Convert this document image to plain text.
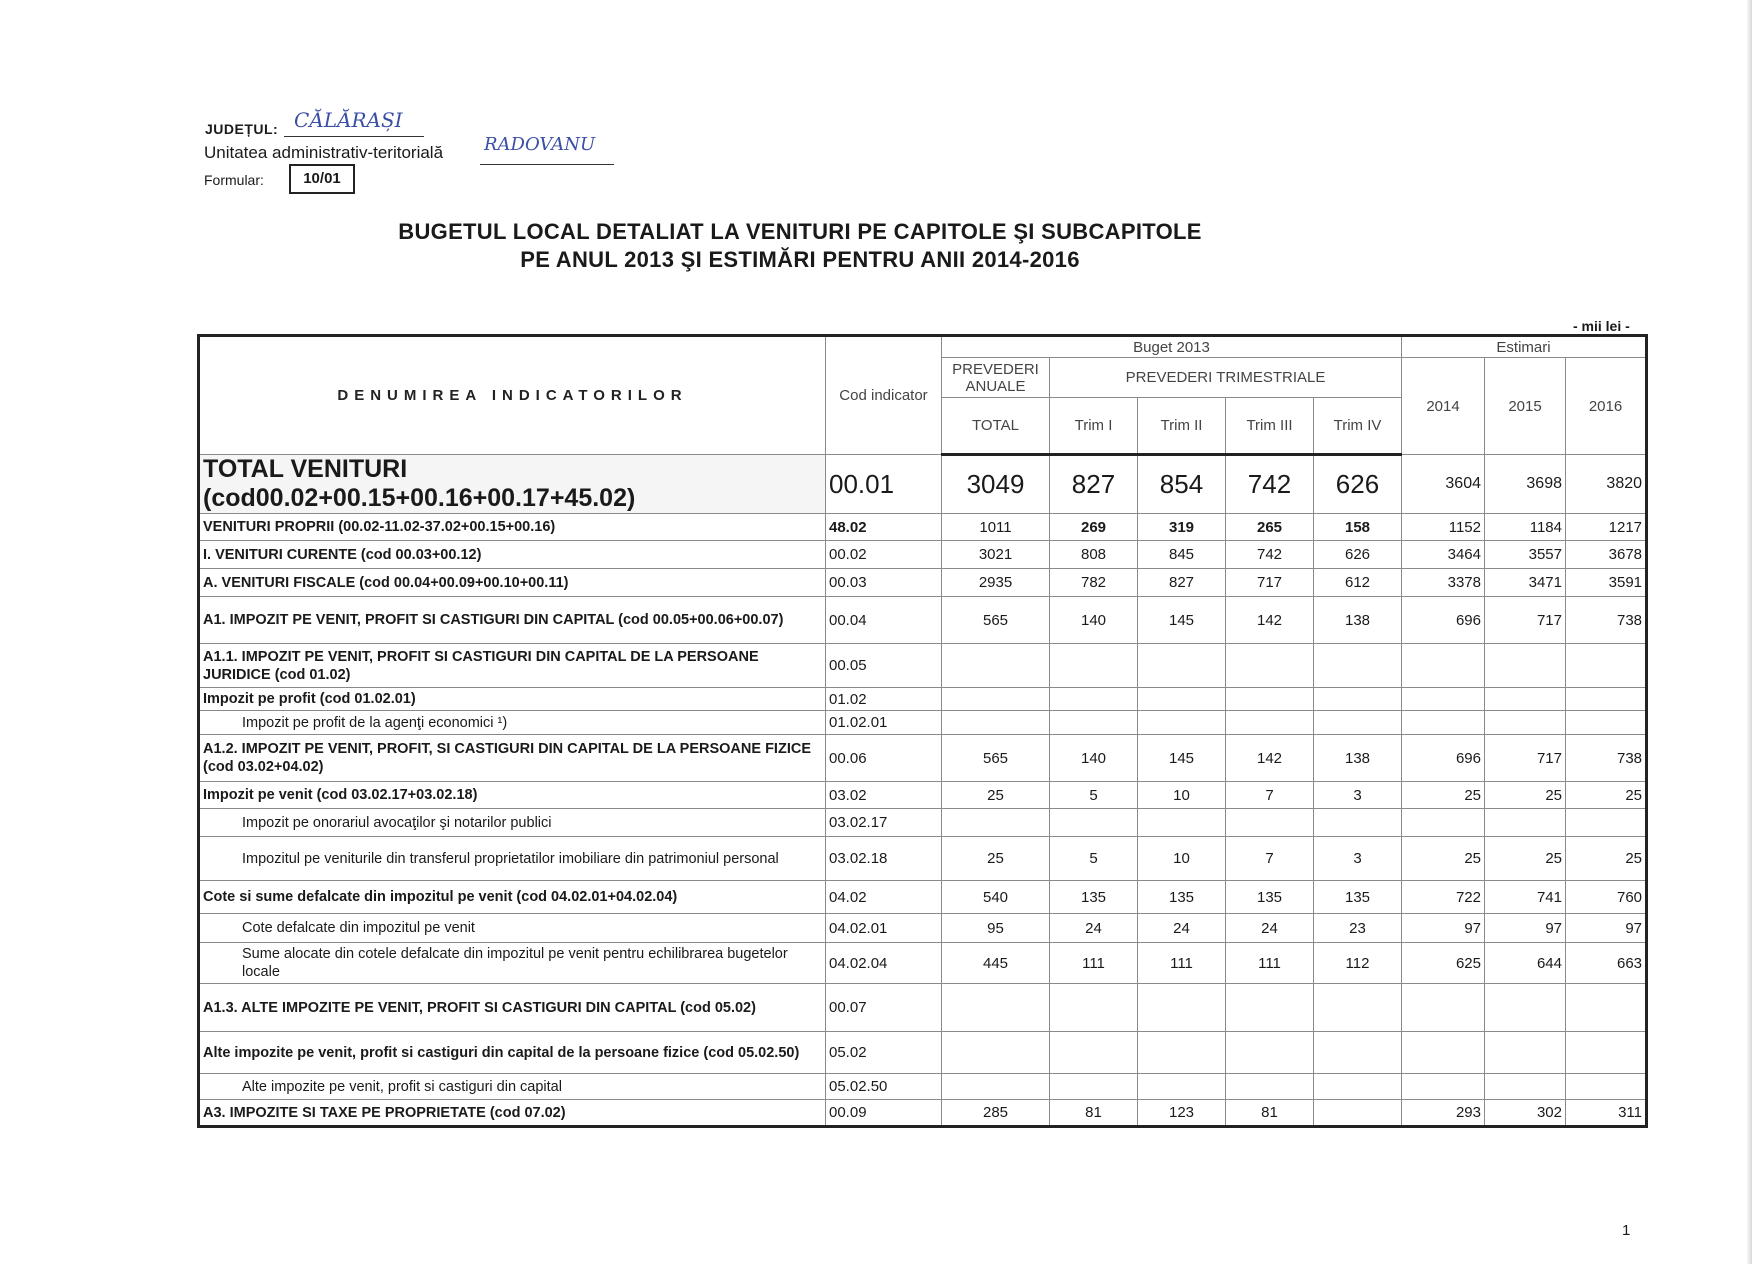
JUDEȚUL: CĂLĂRAȘI
Unitatea administrativ-teritorială RADOVANU
Formular:	10/01
BUGETUL LOCAL DETALIAT LA VENITURI PE CAPITOLE ŞI SUBCAPITOLE
PE ANUL 2013 ŞI ESTIMĂRI PENTRU ANII 2014-2016
- mii lei -
DENUMIREA INDICATORILOR	Cod indicator	Buget 2013					Estimari		
		PREVEDERI ANUALE	PREVEDERI TRIMESTRIALE				2014	2015	2016
		TOTAL	Trim I	Trim II	Trim III	Trim IV			
TOTAL VENITURI (cod00.02+00.15+00.16+00.17+45.02)	00.01	3049	827	854	742	626	3604	3698	3820
VENITURI PROPRII (00.02-11.02-37.02+00.15+00.16)	48.02	1011	269	319	265	158	1152	1184	1217
I. VENITURI CURENTE (cod 00.03+00.12)	00.02	3021	808	845	742	626	3464	3557	3678
A. VENITURI FISCALE (cod 00.04+00.09+00.10+00.11)	00.03	2935	782	827	717	612	3378	3471	3591
A1. IMPOZIT PE VENIT, PROFIT SI CASTIGURI DIN CAPITAL (cod 00.05+00.06+00.07)	00.04	565	140	145	142	138	696	717	738
A1.1. IMPOZIT PE VENIT, PROFIT SI CASTIGURI DIN CAPITAL DE LA PERSOANE JURIDICE (cod 01.02)	00.05								
Impozit pe profit (cod 01.02.01)	01.02								
Impozit pe profit de la agenţi economici ¹)	01.02.01								
A1.2. IMPOZIT PE VENIT, PROFIT, SI CASTIGURI DIN CAPITAL DE LA PERSOANE FIZICE (cod 03.02+04.02)	00.06	565	140	145	142	138	696	717	738
Impozit pe venit (cod 03.02.17+03.02.18)	03.02	25	5	10	7	3	25	25	25
Impozit pe onorariul avocaţilor şi notarilor publici	03.02.17								
Impozitul pe veniturile din transferul proprietatilor imobiliare din patrimoniul personal	03.02.18	25	5	10	7	3	25	25	25
Cote si sume defalcate din impozitul pe venit (cod 04.02.01+04.02.04)	04.02	540	135	135	135	135	722	741	760
Cote defalcate din impozitul pe venit	04.02.01	95	24	24	24	23	97	97	97
Sume alocate din cotele defalcate din impozitul pe venit pentru echilibrarea bugetelor locale	04.02.04	445	111	111	111	112	625	644	663
A1.3. ALTE IMPOZITE PE VENIT, PROFIT SI CASTIGURI DIN CAPITAL (cod 05.02)	00.07								
Alte impozite pe venit, profit si castiguri din capital de la persoane fizice (cod 05.02.50)	05.02								
Alte impozite pe venit, profit si castiguri din capital	05.02.50								
A3. IMPOZITE SI TAXE PE PROPRIETATE (cod 07.02)	00.09	285	81	123	81		293	302	311
1
